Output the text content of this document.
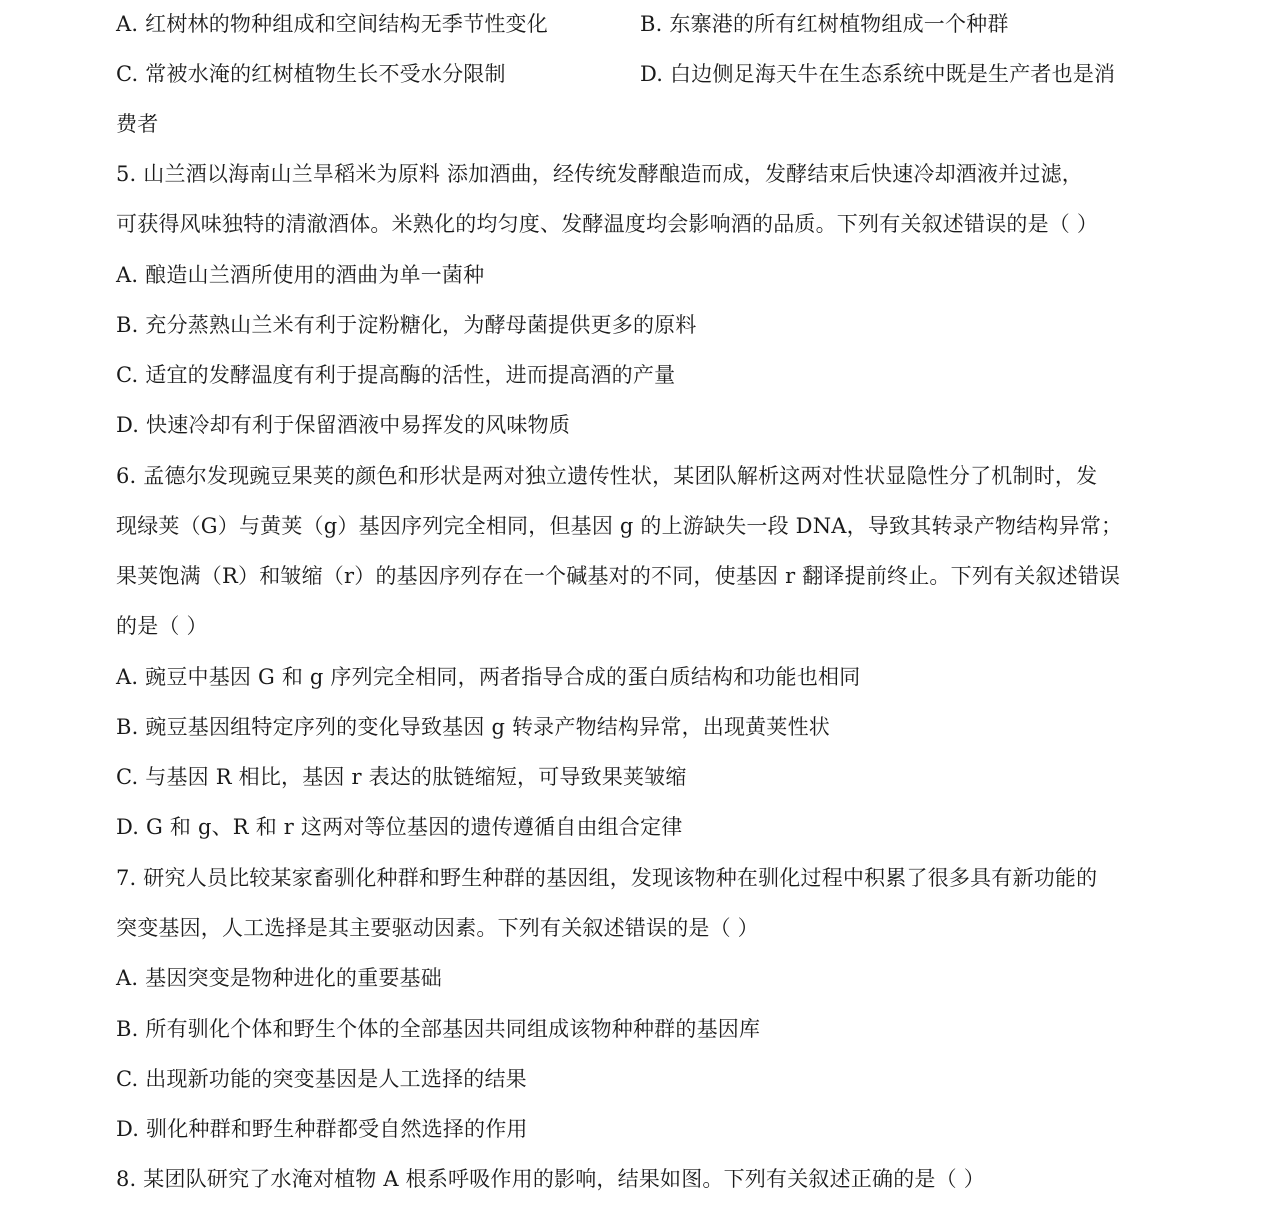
A. 红树林的物种组成和空间结构无季节性变化	B. 东寨港的所有红树植物组成一个种群
C. 常被水淹的红树植物生长不受水分限制	D. 白边侧足海天牛在生态系统中既是生产者也是消
费者
5. 山兰酒以海南山兰旱稻米为原料 添加酒曲，经传统发酵酿造而成，发酵结束后快速冷却酒液并过滤，
可获得风味独特的清澈酒体。米熟化的均匀度、发酵温度均会影响酒的品质。下列有关叙述错误的是（ ）
A. 酿造山兰酒所使用的酒曲为单一菌种
B. 充分蒸熟山兰米有利于淀粉糖化，为酵母菌提供更多的原料
C. 适宜的发酵温度有利于提高酶的活性，进而提高酒的产量
D. 快速冷却有利于保留酒液中易挥发的风味物质
6. 孟德尔发现豌豆果荚的颜色和形状是两对独立遗传性状，某团队解析这两对性状显隐性分了机制时，发
现绿荚（G）与黄荚（g）基因序列完全相同，但基因 g 的上游缺失一段 DNA，导致其转录产物结构异常；
果荚饱满（R）和皱缩（r）的基因序列存在一个碱基对的不同，使基因 r 翻译提前终止。下列有关叙述错误
的是（ ）
A. 豌豆中基因 G 和 g 序列完全相同，两者指导合成的蛋白质结构和功能也相同
B. 豌豆基因组特定序列的变化导致基因 g 转录产物结构异常，出现黄荚性状
C. 与基因 R 相比，基因 r 表达的肽链缩短，可导致果荚皱缩
D. G 和 g、R 和 r 这两对等位基因的遗传遵循自由组合定律
7. 研究人员比较某家畜驯化种群和野生种群的基因组，发现该物种在驯化过程中积累了很多具有新功能的
突变基因，人工选择是其主要驱动因素。下列有关叙述错误的是（ ）
A. 基因突变是物种进化的重要基础
B. 所有驯化个体和野生个体的全部基因共同组成该物种种群的基因库
C. 出现新功能的突变基因是人工选择的结果
D. 驯化种群和野生种群都受自然选择的作用
8. 某团队研究了水淹对植物 A 根系呼吸作用的影响，结果如图。下列有关叙述正确的是（ ）
